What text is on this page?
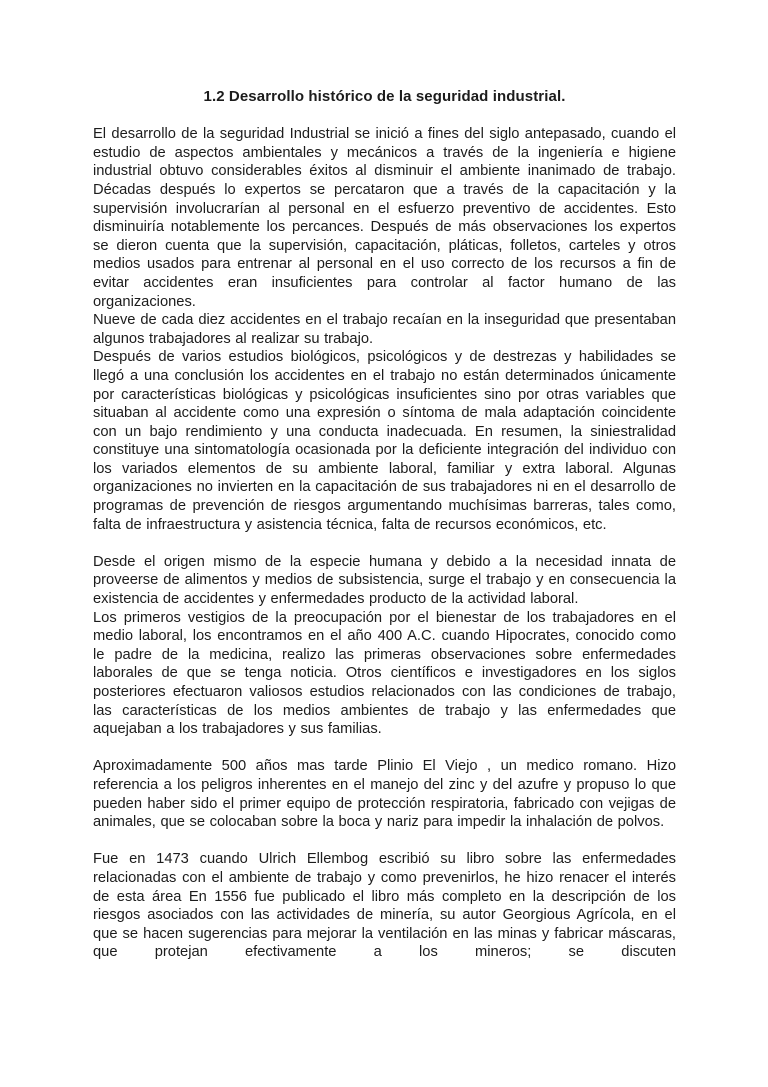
1.2 Desarrollo histórico de la seguridad industrial.

El desarrollo de la seguridad Industrial se inició a fines del siglo antepasado, cuando el estudio de aspectos ambientales y mecánicos a través de la ingeniería e higiene industrial obtuvo considerables éxitos al disminuir el ambiente inanimado de trabajo. Décadas después lo expertos se percataron que a través de la capacitación y la supervisión involucrarían al personal en el esfuerzo preventivo de accidentes. Esto disminuiría notablemente los percances. Después de más observaciones los expertos se dieron cuenta que la supervisión, capacitación, pláticas, folletos, carteles y otros medios usados para entrenar al personal en el uso correcto de los recursos a fin de evitar accidentes eran insuficientes para controlar al factor humano de las organizaciones.

Nueve de cada diez accidentes en el trabajo recaían en la inseguridad que presentaban algunos trabajadores al realizar su trabajo.

Después de varios estudios biológicos, psicológicos y de destrezas y habilidades se llegó a una conclusión los accidentes en el trabajo no están determinados únicamente por características biológicas y psicológicas insuficientes sino por otras variables que situaban al accidente como una expresión o síntoma de mala adaptación coincidente con un bajo rendimiento y una conducta inadecuada. En resumen, la siniestralidad constituye una sintomatología ocasionada por la deficiente integración del individuo con los variados elementos de su ambiente laboral, familiar y extra laboral. Algunas organizaciones no invierten en la capacitación de sus trabajadores ni en el desarrollo de programas de prevención de riesgos argumentando muchísimas barreras, tales como, falta de infraestructura y asistencia técnica, falta de recursos económicos, etc.

Desde el origen mismo de la especie humana y debido a la necesidad innata de proveerse de alimentos y medios de subsistencia, surge el trabajo y en consecuencia la existencia de accidentes y enfermedades producto de la actividad laboral.

Los primeros vestigios de la preocupación por el bienestar de los trabajadores en el medio laboral, los encontramos en el año 400 A.C. cuando Hipocrates, conocido como le padre de la medicina, realizo las primeras observaciones sobre enfermedades laborales de que se tenga noticia. Otros científicos e investigadores en los siglos posteriores efectuaron valiosos estudios relacionados con las condiciones de trabajo, las características de los medios ambientes de trabajo y las enfermedades que aquejaban a los trabajadores y sus familias.

Aproximadamente 500 años mas tarde Plinio El Viejo , un medico romano. Hizo referencia a los peligros inherentes en el manejo del zinc y del azufre y propuso lo que pueden haber sido el primer equipo de protección respiratoria, fabricado con vejigas de animales, que se colocaban sobre la boca y nariz para impedir la inhalación de polvos.

Fue en 1473 cuando Ulrich Ellembog escribió su libro sobre las enfermedades relacionadas con el ambiente de trabajo y como prevenirlos, he hizo renacer el interés de esta área En 1556 fue publicado el libro más completo en la descripción de los riesgos asociados con las actividades de minería, su autor Georgious Agrícola, en el que se hacen sugerencias para mejorar la ventilación en las minas y fabricar máscaras, que protejan efectivamente a los mineros; se discuten
